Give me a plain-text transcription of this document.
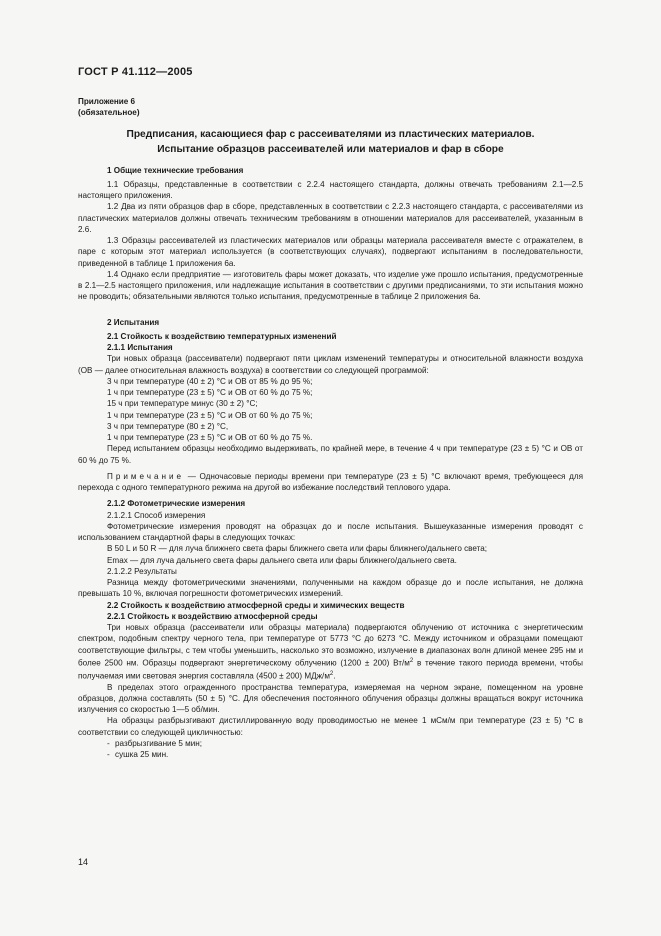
ГОСТ Р 41.112—2005

Приложение 6

(обязательное)

Предписания, касающиеся фар с рассеивателями из пластических материалов.
Испытание образцов рассеивателей или материалов и фар в сборе

1 Общие технические требования

1.1 Образцы, представленные в соответствии с 2.2.4 настоящего стандарта, должны отвечать требованиям 2.1—2.5 настоящего приложения.

1.2 Два из пяти образцов фар в сборе, представленных в соответствии с 2.2.3 настоящего стандарта, с рассеивателями из пластических материалов должны отвечать техническим требованиям в отношении материалов для рассеивателей, указанным в 2.6.

1.3 Образцы рассеивателей из пластических материалов или образцы материала рассеивателя вместе с отражателем, в паре с которым этот материал используется (в соответствующих случаях), подвергают испытаниям в последовательности, приведенной в таблице 1 приложения 6а.

1.4 Однако если предприятие — изготовитель фары может доказать, что изделие уже прошло испытания, предусмотренные в 2.1—2.5 настоящего приложения, или надлежащие испытания в соответствии с другими предписаниями, то эти испытания можно не проводить; обязательными являются только испытания, предусмотренные в таблице 2 приложения 6а.

2 Испытания

2.1 Стойкость к воздействию температурных изменений

2.1.1 Испытания

Три новых образца (рассеиватели) подвергают пяти циклам изменений температуры и относительной влажности воздуха (ОВ — далее относительная влажность воздуха) в соответствии со следующей программой:

3 ч при температуре (40 ± 2) °C и ОВ от 85 % до 95 %;

1 ч при температуре (23 ± 5) °C и ОВ от 60 % до 75 %;

15 ч при температуре минус (30 ± 2) °C;

1 ч при температуре (23 ± 5) °C и ОВ от 60 % до 75 %;

3 ч при температуре (80 ± 2) °C,

1 ч при температуре (23 ± 5) °C и ОВ от 60 % до 75 %.

Перед испытанием образцы необходимо выдерживать, по крайней мере, в течение 4 ч при температуре (23 ± 5) °C и ОВ от 60 % до 75 %.

Примечание — Одночасовые периоды времени при температуре (23 ± 5) °C включают время, требующееся для перехода с одного температурного режима на другой во избежание последствий теплового удара.

2.1.2 Фотометрические измерения

2.1.2.1 Способ измерения

Фотометрические измерения проводят на образцах до и после испытания. Вышеуказанные измерения проводят с использованием стандартной фары в следующих точках:

B 50 L и 50 R — для луча ближнего света фары ближнего света или фары ближнего/дальнего света;

Emax — для луча дальнего света фары дальнего света или фары ближнего/дальнего света.

2.1.2.2 Результаты

Разница между фотометрическими значениями, полученными на каждом образце до и после испытания, не должна превышать 10 %, включая погрешности фотометрических измерений.

2.2 Стойкость к воздействию атмосферной среды и химических веществ

2.2.1 Стойкость к воздействию атмосферной среды

Три новых образца (рассеиватели или образцы материала) подвергаются облучению от источника с энергетическим спектром, подобным спектру черного тела, при температуре от 5773 °C до 6273 °C. Между источником и образцами помещают соответствующие фильтры, с тем чтобы уменьшить, насколько это возможно, излучение в диапазонах волн длиной менее 295 нм и более 2500 нм. Образцы подвергают энергетическому облучению (1200 ± 200) $Вт/м^2$ в течение такого периода времени, чтобы получаемая ими световая энергия составляла (4500 ± 200) МДж/$м^2$.

В пределах этого огражденного пространства температура, измеряемая на черном экране, помещенном на уровне образцов, должна составлять (50 ± 5) °C. Для обеспечения постоянного облучения образцы должны вращаться вокруг источника излучения со скоростью 1—5 об/мин.

На образцы разбрызгивают дистиллированную воду проводимостью не менее 1 мСм/м при температуре (23 ± 5) °C в соответствии со следующей цикличностью:

- разбрызгивание 5 мин;
- сушка 25 мин.
14
